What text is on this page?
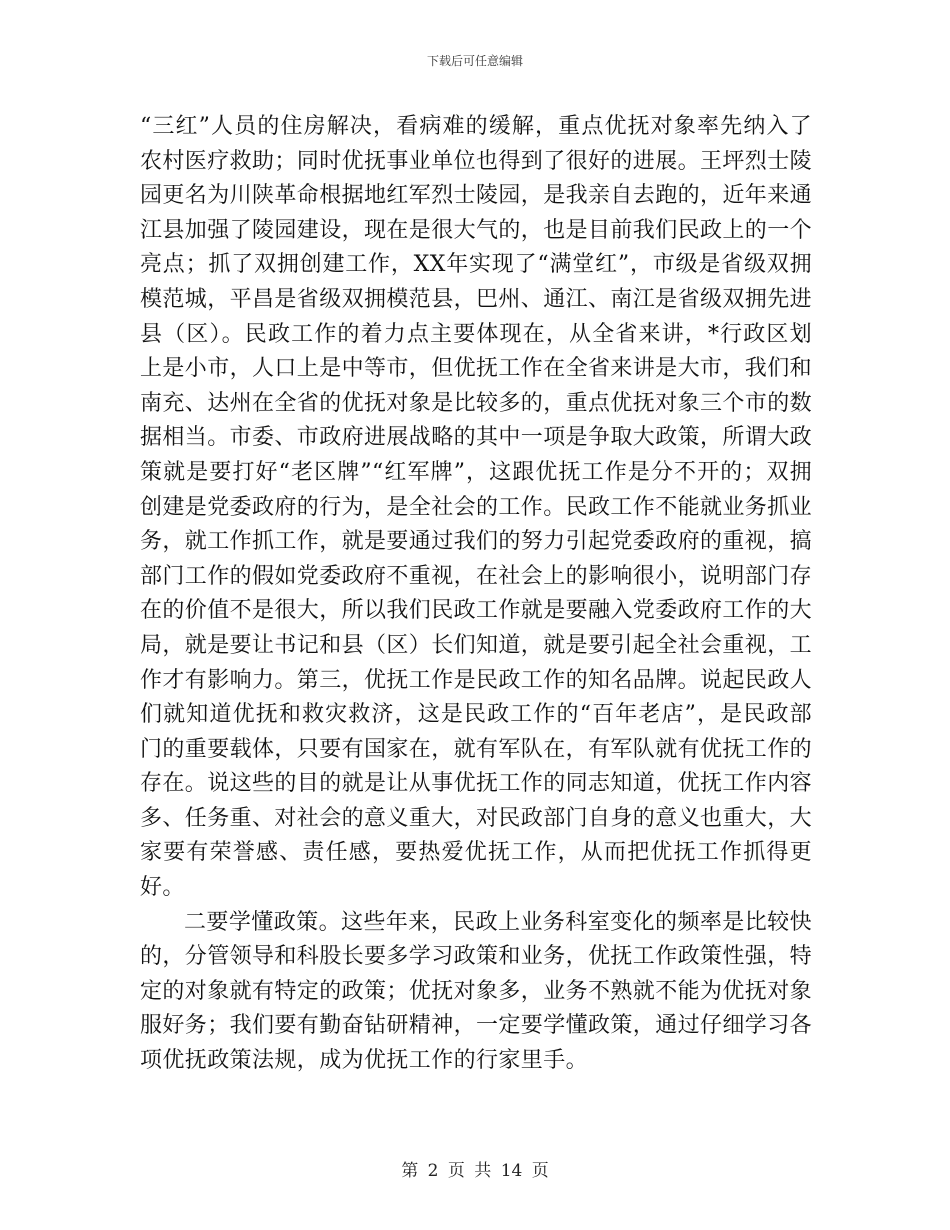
下载后可任意编辑

“三红”人员的住房解决，看病难的缓解，重点优抚对象率先纳入了农村医疗救助；同时优抚事业单位也得到了很好的进展。王坪烈士陵园更名为川陕革命根据地红军烈士陵园，是我亲自去跑的，近年来通江县加强了陵园建设，现在是很大气的，也是目前我们民政上的一个亮点；抓了双拥创建工作，XX年实现了“满堂红”，市级是省级双拥模范城，平昌是省级双拥模范县，巴州、通江、南江是省级双拥先进县（区）。民政工作的着力点主要体现在，从全省来讲，*行政区划上是小市，人口上是中等市，但优抚工作在全省来讲是大市，我们和南充、达州在全省的优抚对象是比较多的，重点优抚对象三个市的数据相当。市委、市政府进展战略的其中一项是争取大政策，所谓大政策就是要打好“老区牌”“红军牌”，这跟优抚工作是分不开的；双拥创建是党委政府的行为，是全社会的工作。民政工作不能就业务抓业务，就工作抓工作，就是要通过我们的努力引起党委政府的重视，搞部门工作的假如党委政府不重视，在社会上的影响很小，说明部门存在的价值不是很大，所以我们民政工作就是要融入党委政府工作的大局，就是要让书记和县（区）长们知道，就是要引起全社会重视，工作才有影响力。第三，优抚工作是民政工作的知名品牌。说起民政人们就知道优抚和救灾救济，这是民政工作的“百年老店”，是民政部门的重要载体，只要有国家在，就有军队在，有军队就有优抚工作的存在。说这些的目的就是让从事优抚工作的同志知道，优抚工作内容多、任务重、对社会的意义重大，对民政部门自身的意义也重大，大家要有荣誉感、责任感，要热爱优抚工作，从而把优抚工作抓得更好。

二要学懂政策。这些年来，民政上业务科室变化的频率是比较快的，分管领导和科股长要多学习政策和业务，优抚工作政策性强，特定的对象就有特定的政策；优抚对象多，业务不熟就不能为优抚对象服好务；我们要有勤奋钻研精神，一定要学懂政策，通过仔细学习各项优抚政策法规，成为优抚工作的行家里手。

第 2 页 共 14 页
